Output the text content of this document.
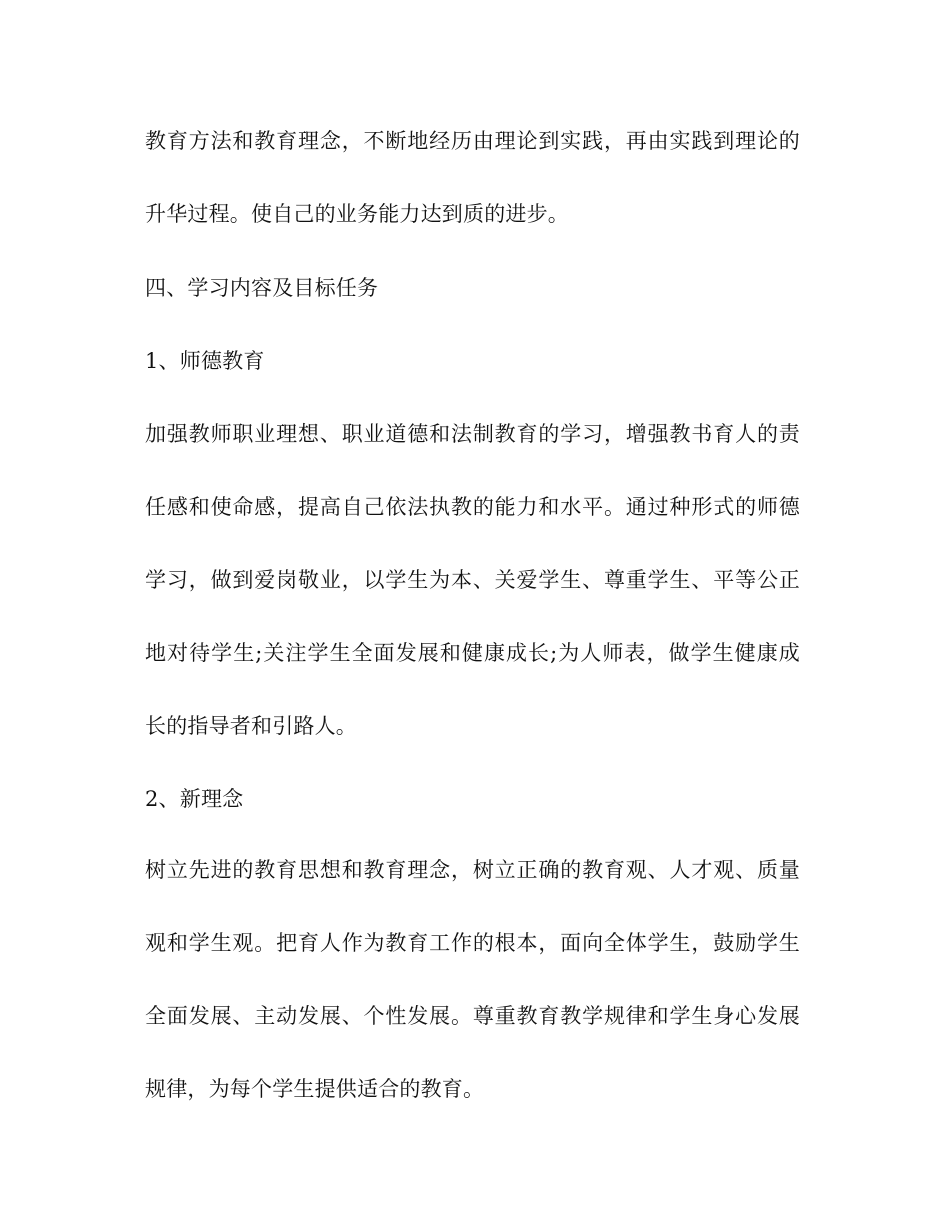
教育方法和教育理念，不断地经历由理论到实践，再由实践到理论的
升华过程。使自己的业务能力达到质的进步。
四、学习内容及目标任务
1、师德教育
加强教师职业理想、职业道德和法制教育的学习，增强教书育人的责
任感和使命感，提高自己依法执教的能力和水平。通过种形式的师德
学习，做到爱岗敬业，以学生为本、关爱学生、尊重学生、平等公正
地对待学生;关注学生全面发展和健康成长;为人师表，做学生健康成
长的指导者和引路人。
2、新理念
树立先进的教育思想和教育理念，树立正确的教育观、人才观、质量
观和学生观。把育人作为教育工作的根本，面向全体学生，鼓励学生
全面发展、主动发展、个性发展。尊重教育教学规律和学生身心发展
规律，为每个学生提供适合的教育。
